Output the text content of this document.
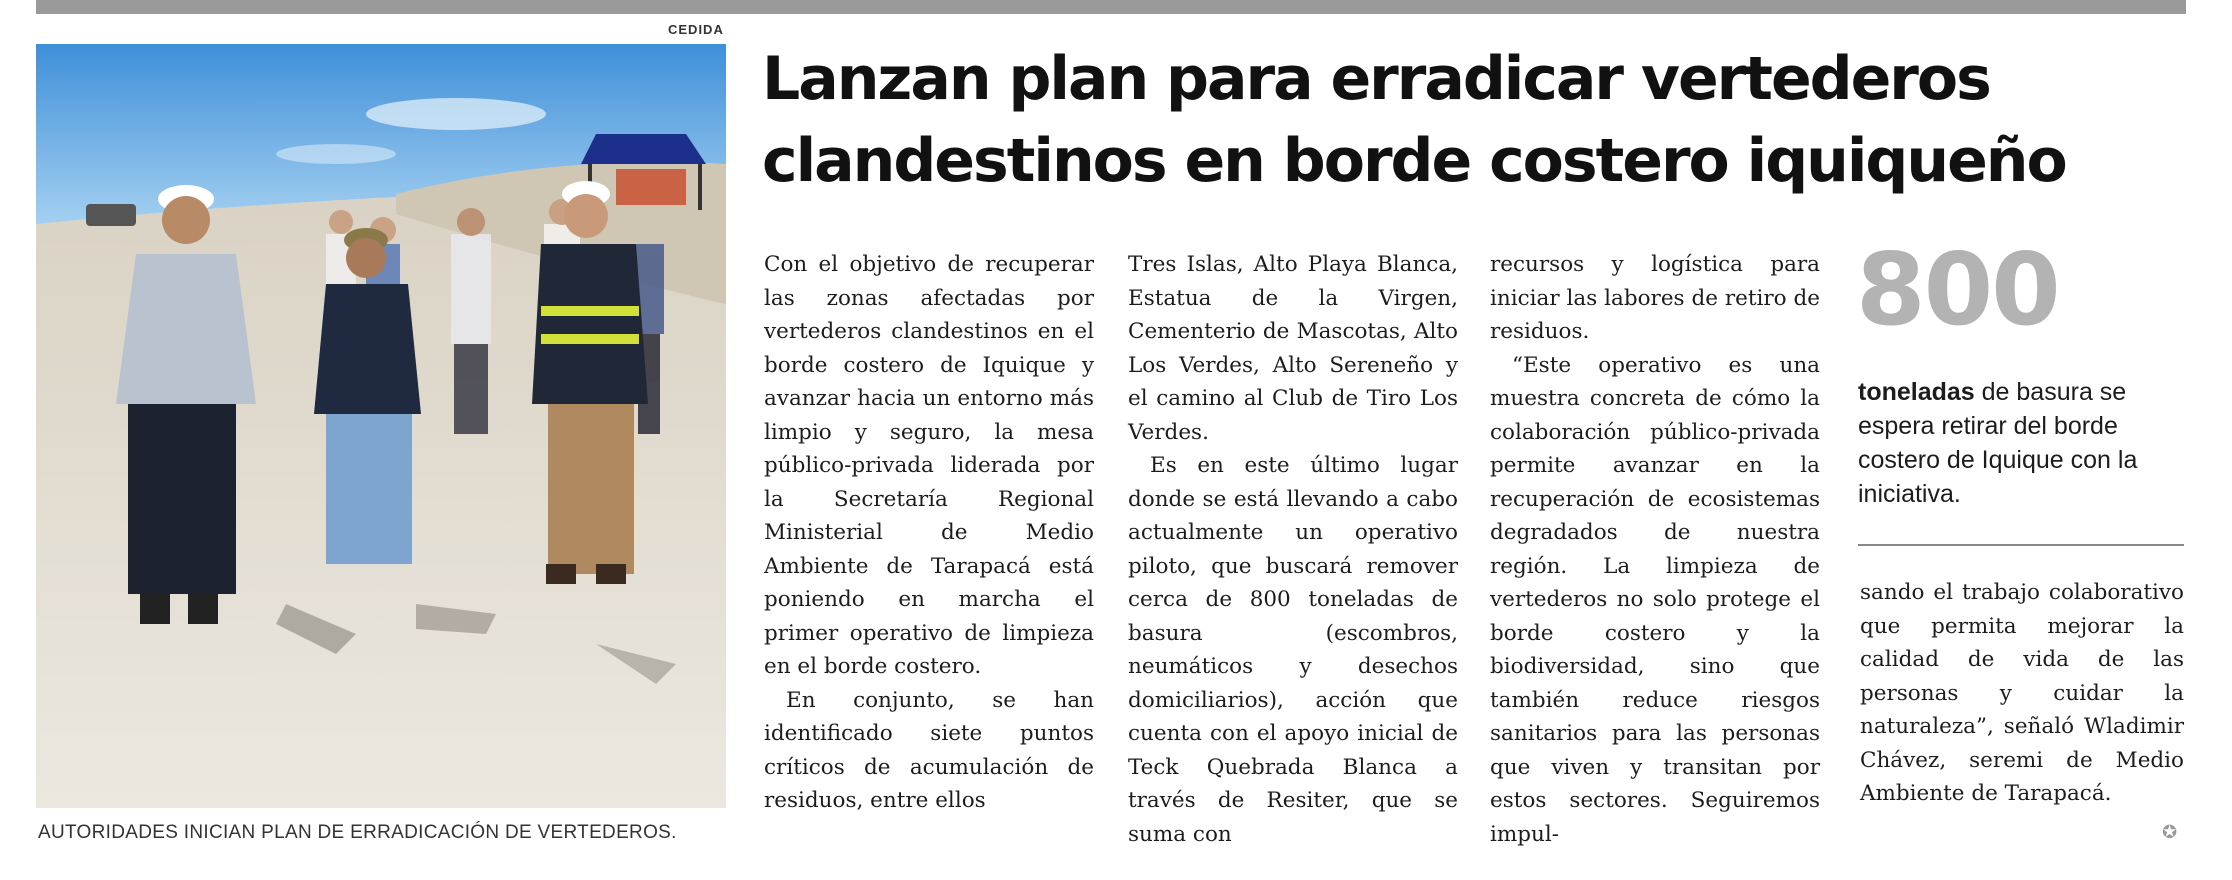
CEDIDA
AUTORIDADES INICIAN PLAN DE ERRADICACIÓN DE VERTEDEROS.
Lanzan plan para erradicar vertederos
clandestinos en borde costero iquiqueño

Con el objetivo de recuperar las zonas afectadas por vertederos clandestinos en el borde costero de Iquique y avanzar hacia un entorno más limpio y seguro, la mesa público-privada liderada por la Secretaría Regional Ministerial de Medio Ambiente de Tarapacá está poniendo en marcha el primer operativo de limpieza en el borde costero.

En conjunto, se han identificado siete puntos críticos de acumulación de residuos, entre ellos

Tres Islas, Alto Playa Blanca, Estatua de la Virgen, Cementerio de Mascotas, Alto Los Verdes, Alto Sereneño y el camino al Club de Tiro Los Verdes.

Es en este último lugar donde se está llevando a cabo actualmente un operativo piloto, que buscará remover cerca de 800 toneladas de basura (escombros, neumáticos y desechos domiciliarios), acción que cuenta con el apoyo inicial de Teck Quebrada Blanca a través de Resiter, que se suma con

recursos y logística para iniciar las labores de retiro de residuos.

“Este operativo es una muestra concreta de cómo la colaboración público-privada permite avanzar en la recuperación de ecosistemas degradados de nuestra región. La limpieza de vertederos no solo protege el borde costero y la biodiversidad, sino que también reduce riesgos sanitarios para las personas que viven y transitan por estos sectores. Seguiremos impul-

800
toneladas de basura se espera retirar del borde costero de Iquique con la iniciativa.

sando el trabajo colaborativo que permita mejorar la calidad de vida de las personas y cuidar la naturaleza”, señaló Wladimir Chávez, seremi de Medio Ambiente de Tarapacá.

✪
